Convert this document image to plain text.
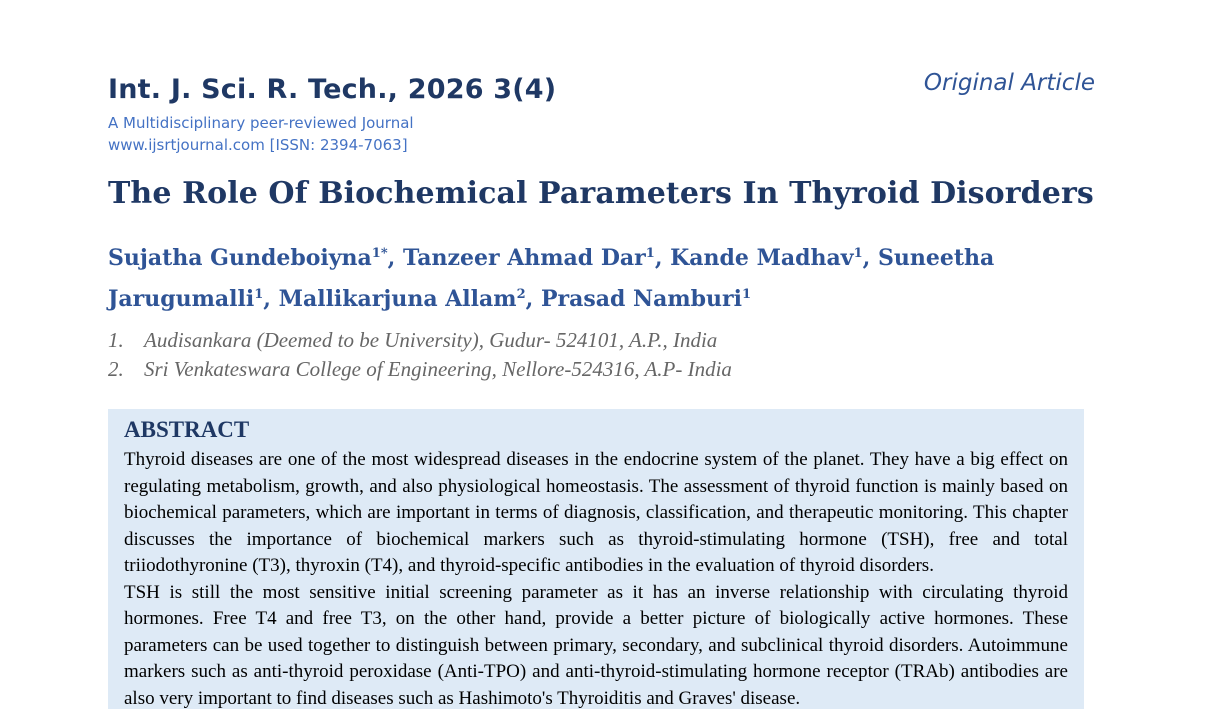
Int. J. Sci. R. Tech., 2026 3(4)
A Multidisciplinary peer-reviewed Journal
www.ijsrtjournal.com [ISSN: 2394-7063]
Original Article
The Role Of Biochemical Parameters In Thyroid Disorders
Sujatha Gundeboiyna$^{1*}$, Tanzeer Ahmad Dar$^1$, Kande Madhav$^1$, Suneetha Jarugumalli$^1$, Mallikarjuna Allam$^2$, Prasad Namburi$^1$
1. Audisankara (Deemed to be University), Gudur- 524101, A.P., India
2. Sri Venkateswara College of Engineering, Nellore-524316, A.P- India
ABSTRACT

Thyroid diseases are one of the most widespread diseases in the endocrine system of the planet. They have a big effect on regulating metabolism, growth, and also physiological homeostasis. The assessment of thyroid function is mainly based on biochemical parameters, which are important in terms of diagnosis, classification, and therapeutic monitoring. This chapter discusses the importance of biochemical markers such as thyroid-stimulating hormone (TSH), free and total triiodothyronine (T3), thyroxin (T4), and thyroid-specific antibodies in the evaluation of thyroid disorders.

TSH is still the most sensitive initial screening parameter as it has an inverse relationship with circulating thyroid hormones. Free T4 and free T3, on the other hand, provide a better picture of biologically active hormones. These parameters can be used together to distinguish between primary, secondary, and subclinical thyroid disorders. Autoimmune markers such as anti-thyroid peroxidase (Anti-TPO) and anti-thyroid-stimulating hormone receptor (TRAb) antibodies are also very important to find diseases such as Hashimoto's Thyroiditis and Graves' disease.
